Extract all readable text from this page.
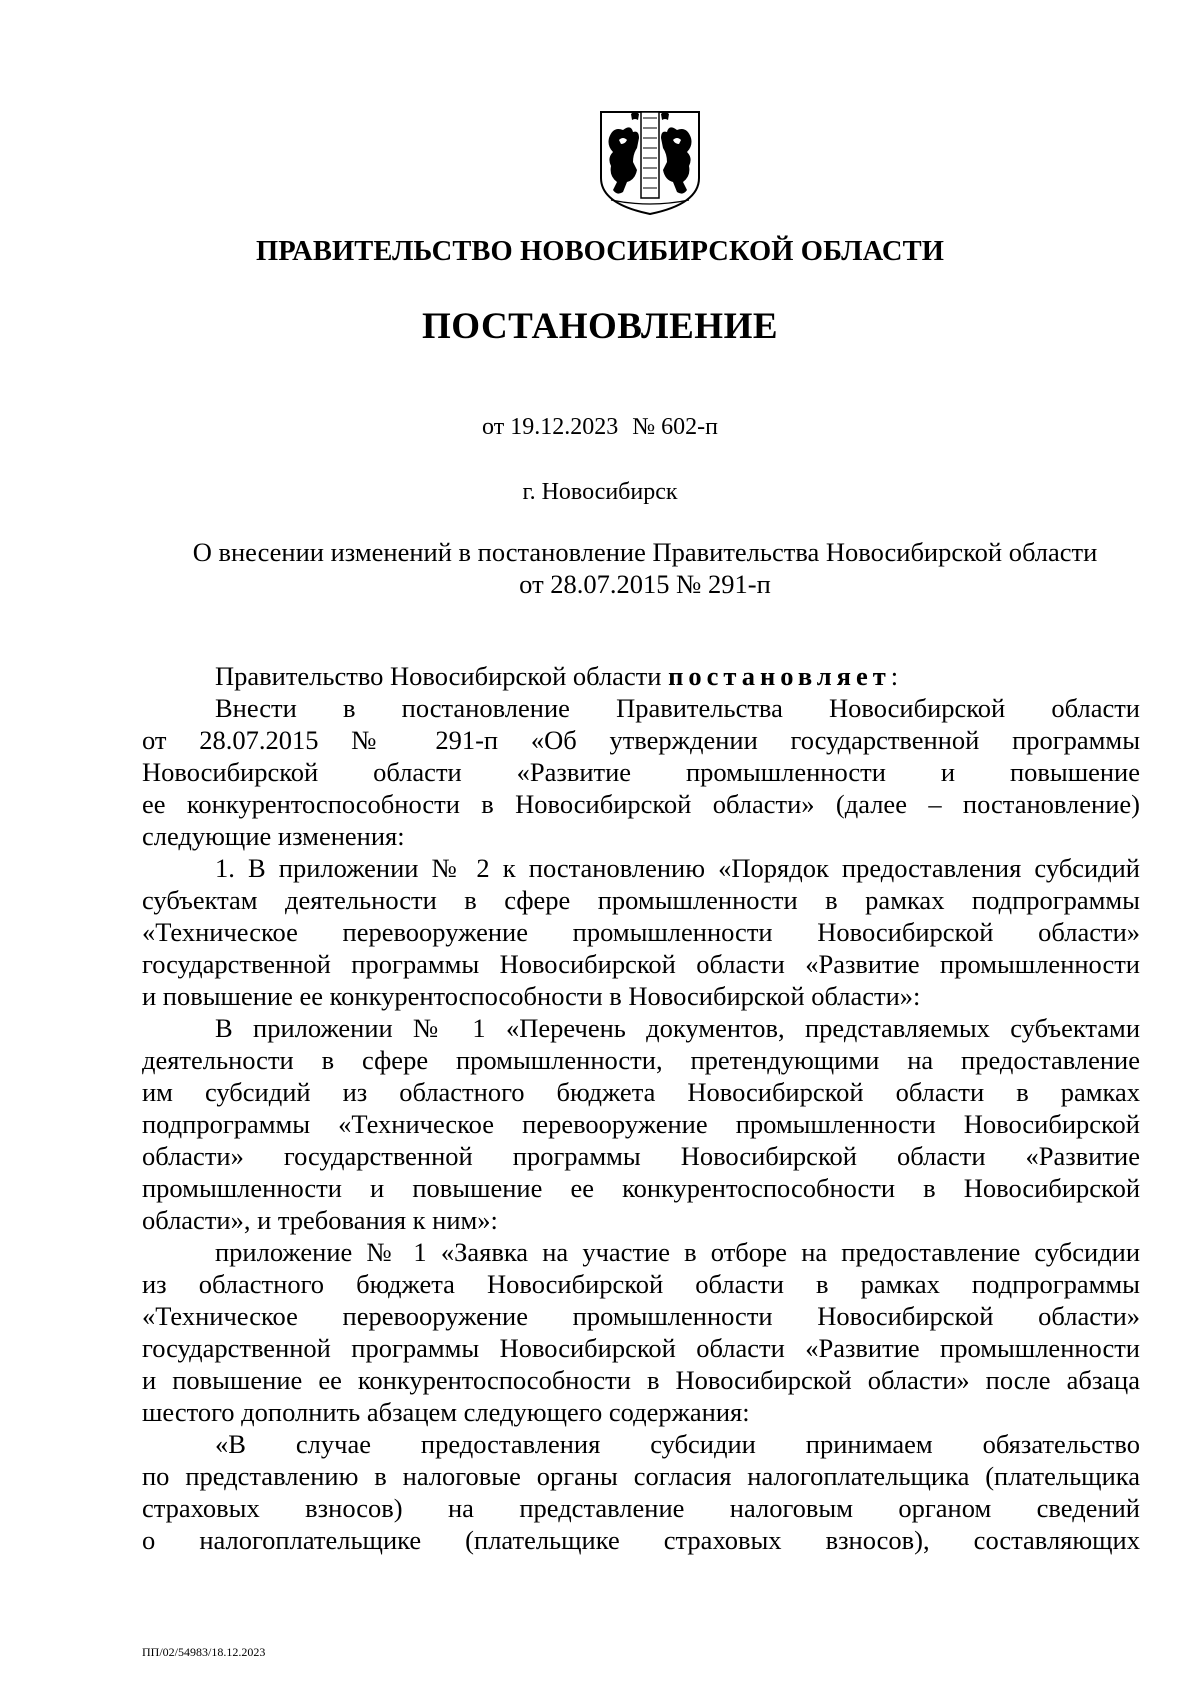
ПРАВИТЕЛЬСТВО НОВОСИБИРСКОЙ ОБЛАСТИ
ПОСТАНОВЛЕНИЕ
от 19.12.2023 № 602-п
г. Новосибирск
О внесении изменений в постановление Правительства Новосибирской области
от 28.07.2015 № 291-п
Правительство Новосибирской области постановляет:
Внести в постановление Правительства Новосибирской области
от 28.07.2015 № 291-п «Об утверждении государственной программы
Новосибирской области «Развитие промышленности и повышение
ее конкурентоспособности в Новосибирской области» (далее – постановление)
следующие изменения:
1. В приложении № 2 к постановлению «Порядок предоставления субсидий
субъектам деятельности в сфере промышленности в рамках подпрограммы
«Техническое перевооружение промышленности Новосибирской области»
государственной программы Новосибирской области «Развитие промышленности
и повышение ее конкурентоспособности в Новосибирской области»:
В приложении № 1 «Перечень документов, представляемых субъектами
деятельности в сфере промышленности, претендующими на предоставление
им субсидий из областного бюджета Новосибирской области в рамках
подпрограммы «Техническое перевооружение промышленности Новосибирской
области» государственной программы Новосибирской области «Развитие
промышленности и повышение ее конкурентоспособности в Новосибирской
области», и требования к ним»:
приложение № 1 «Заявка на участие в отборе на предоставление субсидии
из областного бюджета Новосибирской области в рамках подпрограммы
«Техническое перевооружение промышленности Новосибирской области»
государственной программы Новосибирской области «Развитие промышленности
и повышение ее конкурентоспособности в Новосибирской области» после абзаца
шестого дополнить абзацем следующего содержания:
«В случае предоставления субсидии принимаем обязательство
по представлению в налоговые органы согласия налогоплательщика (плательщика
страховых взносов) на представление налоговым органом сведений
о налогоплательщике (плательщике страховых взносов), составляющих
ПП/02/54983/18.12.2023
